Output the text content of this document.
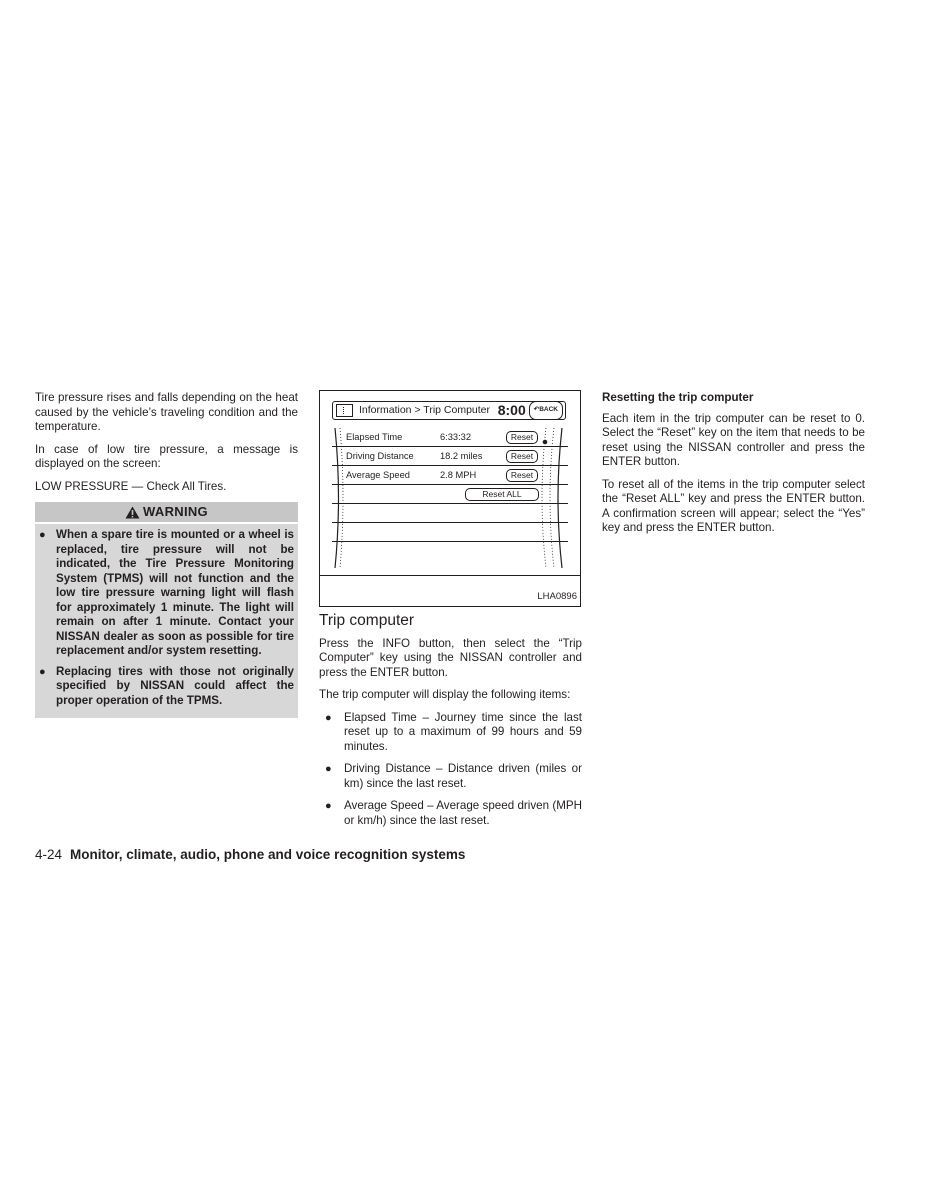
Tire pressure rises and falls depending on the heat caused by the vehicle’s traveling condition and the temperature.

In case of low tire pressure, a message is displayed on the screen:

LOW PRESSURE — Check All Tires.

WARNING
● When a spare tire is mounted or a wheel is replaced, tire pressure will not be indicated, the Tire Pressure Monitoring System (TPMS) will not function and the low tire pressure warning light will flash for approximately 1 minute. The light will remain on after 1 minute. Contact your NISSAN dealer as soon as possible for tire replacement and/or system resetting.
● Replacing tires with those not originally specified by NISSAN could affect the proper operation of the TPMS.
Information > Trip Computer 8:00	↶BACK
Elapsed Time	6:33:32	Reset
Driving Distance	18.2 miles	Reset
Average Speed	2.8 MPH	Reset
Reset ALL
LHA0896
Trip computer

Press the INFO button, then select the “Trip Computer” key using the NISSAN controller and press the ENTER button.

The trip computer will display the following items:

●	Elapsed Time – Journey time since the last reset up to a maximum of 99 hours and 59 minutes.
●	Driving Distance – Distance driven (miles or km) since the last reset.
●	Average Speed – Average speed driven (MPH or km/h) since the last reset.
Resetting the trip computer

Each item in the trip computer can be reset to 0. Select the “Reset” key on the item that needs to be reset using the NISSAN controller and press the ENTER button.

To reset all of the items in the trip computer select the “Reset ALL” key and press the ENTER button. A confirmation screen will appear; select the “Yes” key and press the ENTER button.

4-24 Monitor, climate, audio, phone and voice recognition systems
